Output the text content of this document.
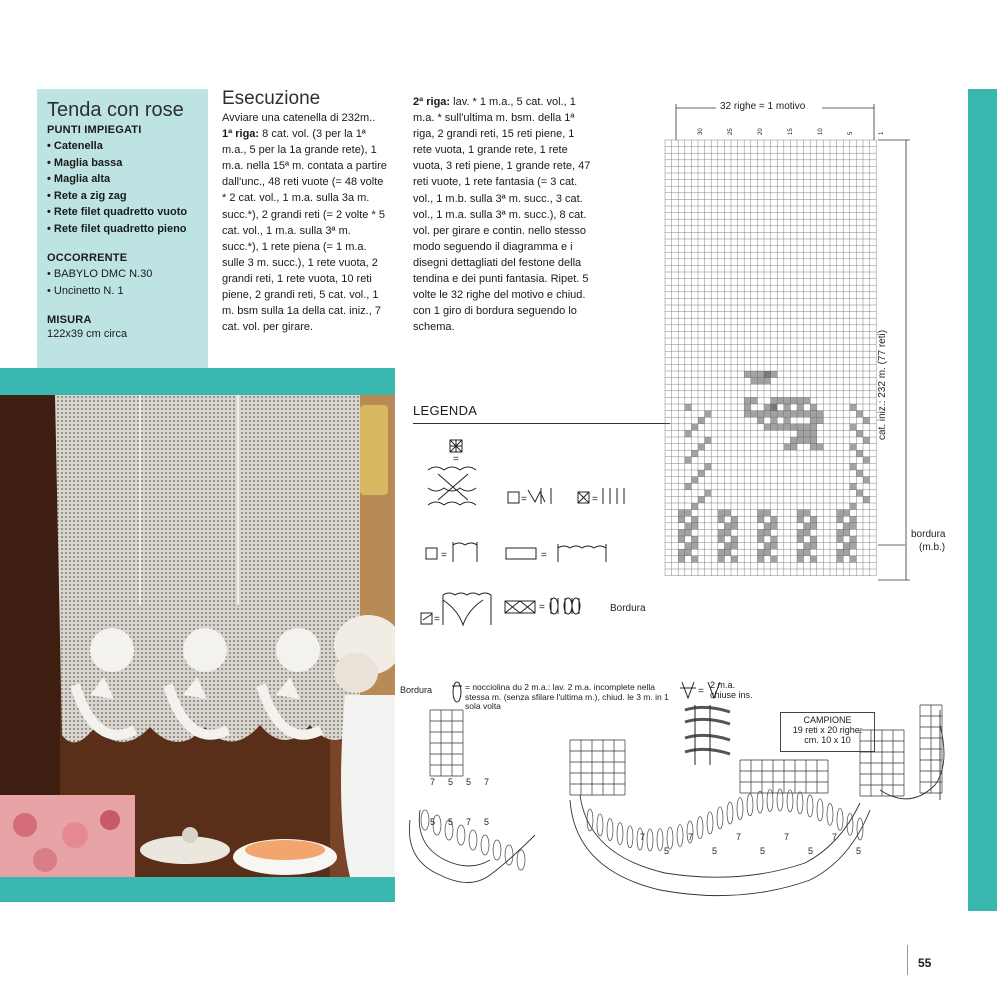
Tenda con rose
PUNTI IMPIEGATI
• Catenella
• Maglia bassa
• Maglia alta
• Rete a zig zag
• Rete filet quadretto vuoto
• Rete filet quadretto pieno
OCCORRENTE
• BABYLO DMC N.30
• Uncinetto N. 1
MISURA
122x39 cm circa
Esecuzione
Avviare una catenella di 232m..
1ª riga: 8 cat. vol. (3 per la 1ª m.a., 5 per la 1a grande rete), 1 m.a. nella 15ª m. contata a partire dall'unc., 48 reti vuote (= 48 volte * 2 cat. vol., 1 m.a. sulla 3a m. succ.*), 2 grandi reti (= 2 volte * 5 cat. vol., 1 m.a. sulla 3ª m. succ.*), 1 rete piena (= 1 m.a. sulle 3 m. succ.), 1 rete vuota, 2 grandi reti, 1 rete vuota, 10 reti piene, 2 grandi reti, 5 cat. vol., 1 m. bsm sulla 1a della cat. iniz., 7 cat. vol. per girare.
2ª riga: lav. * 1 m.a., 5 cat. vol., 1 m.a. * sull'ultima m. bsm. della 1ª riga, 2 grandi reti, 15 reti piene, 1 rete vuota, 1 grande rete, 1 rete vuota, 3 reti piene, 1 grande rete, 47 reti vuote, 1 rete fantasia (= 3 cat. vol., 1 m.b. sulla 3ª m. succ., 3 cat. vol., 1 m.a. sulla 3ª m. succ.), 8 cat. vol. per girare e contin. nello stesso modo seguendo il diagramma e i disegni dettagliati del festone della tendina e dei punti fantasia. Ripet. 5 volte le 32 righe del motivo e chiud. con 1 giro di bordura seguendo lo schema.
LEGENDA
=
=	=
=	=
=
=
32 righe = 1 motivo
30	25	20	15	10	5	1
cat. iniz.: 232 m. (77 reti)
bordura
(m.b.)
Bordura
Bordura	= nocciolina du 2 m.a.: lav. 2 m.a. incomplete nella stessa m. (senza sfilare l'ultima m.), chiud. le 3 m. in 1 sola volta
2 m.a.
chiuse ins.
=
CAMPIONE
19 reti x 20 righe:
cm. 10 x 10
7 5 5 7
5 5 7 5
7
5
7
5
7
5
7
5
7
5
55
